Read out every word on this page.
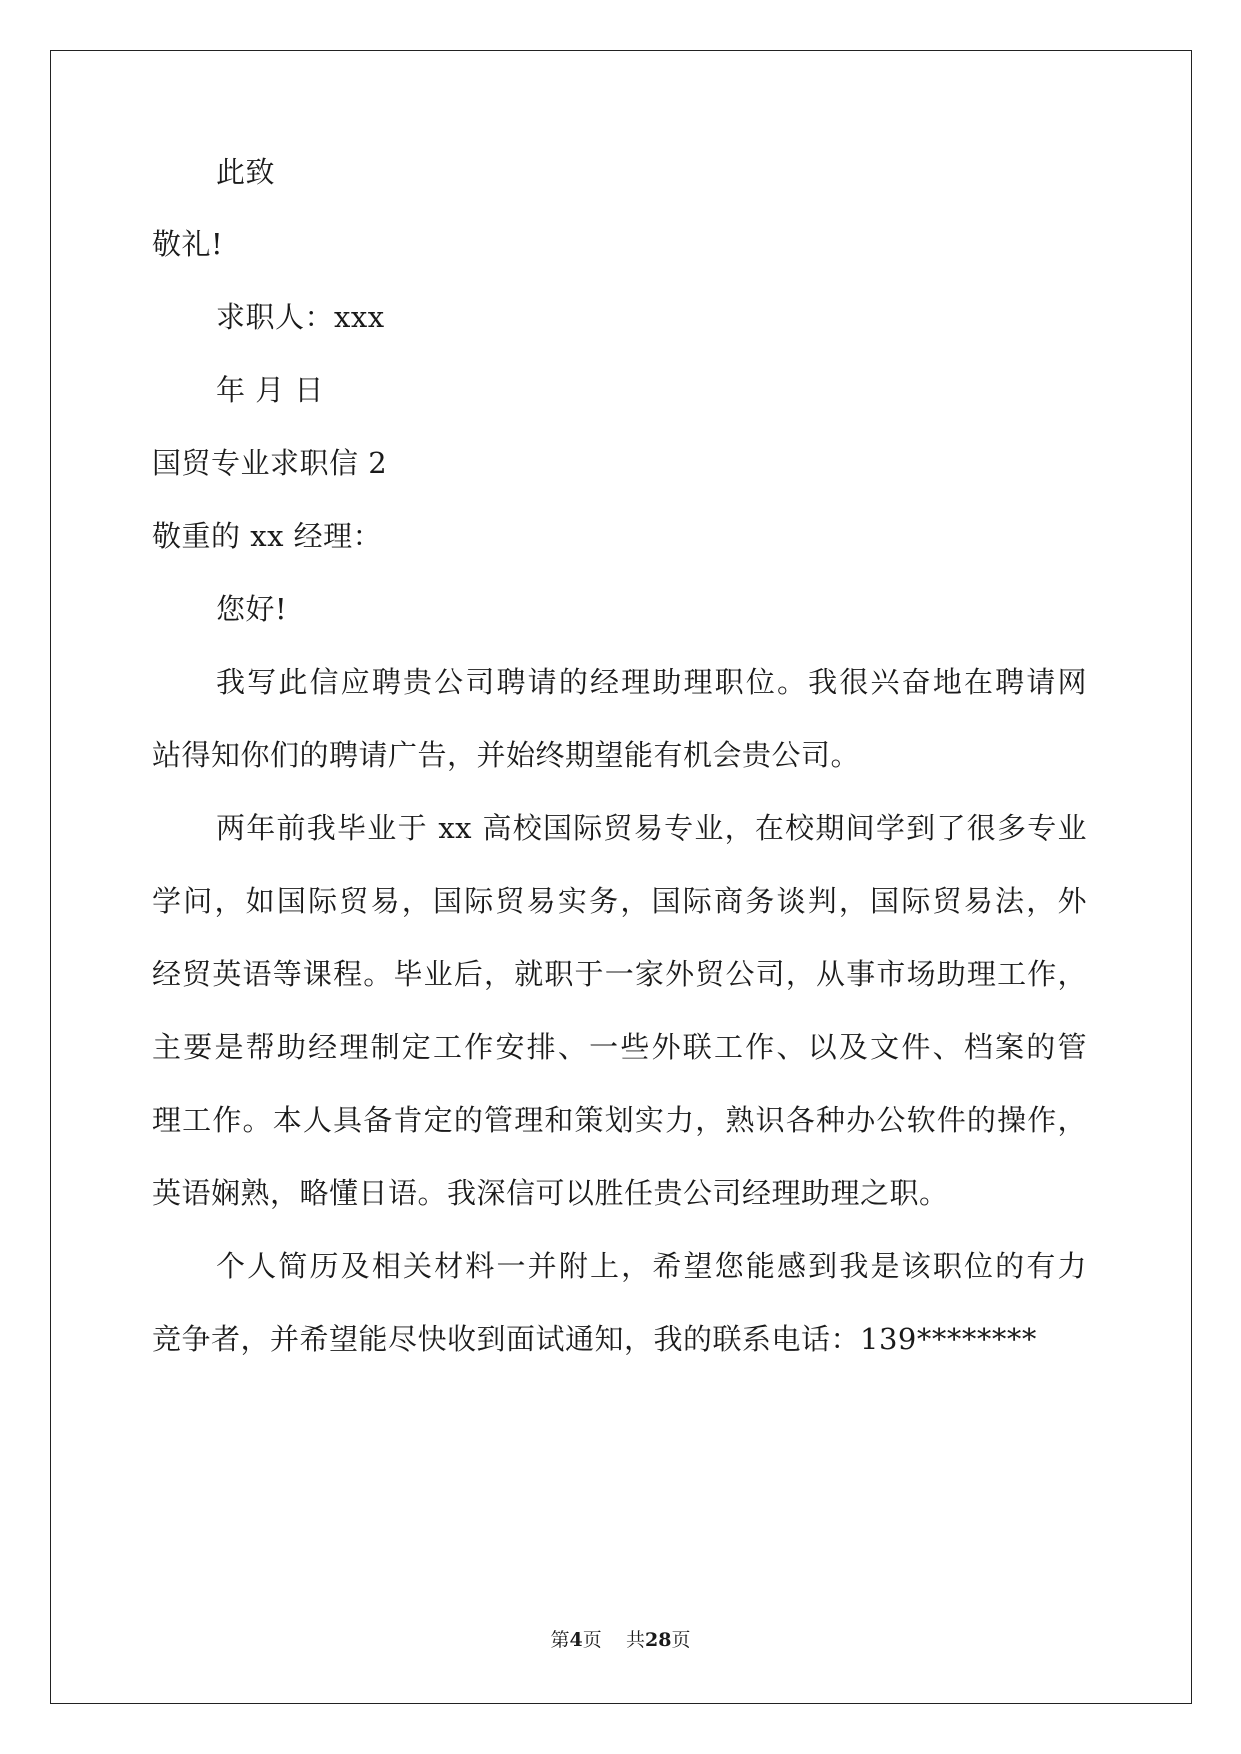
此致
敬礼!
求职人：xxx
年 月 日
国贸专业求职信 2
敬重的 xx 经理：
您好!
我写此信应聘贵公司聘请的经理助理职位。我很兴奋地在聘请网
站得知你们的聘请广告，并始终期望能有机会贵公司。
两年前我毕业于 xx 高校国际贸易专业，在校期间学到了很多专业
学问，如国际贸易，国际贸易实务，国际商务谈判，国际贸易法，外
经贸英语等课程。毕业后，就职于一家外贸公司，从事市场助理工作，
主要是帮助经理制定工作安排、一些外联工作、以及文件、档案的管
理工作。本人具备肯定的管理和策划实力，熟识各种办公软件的操作，
英语娴熟，略懂日语。我深信可以胜任贵公司经理助理之职。
个人简历及相关材料一并附上，希望您能感到我是该职位的有力
竞争者，并希望能尽快收到面试通知，我的联系电话：139********
第4页 共28页
